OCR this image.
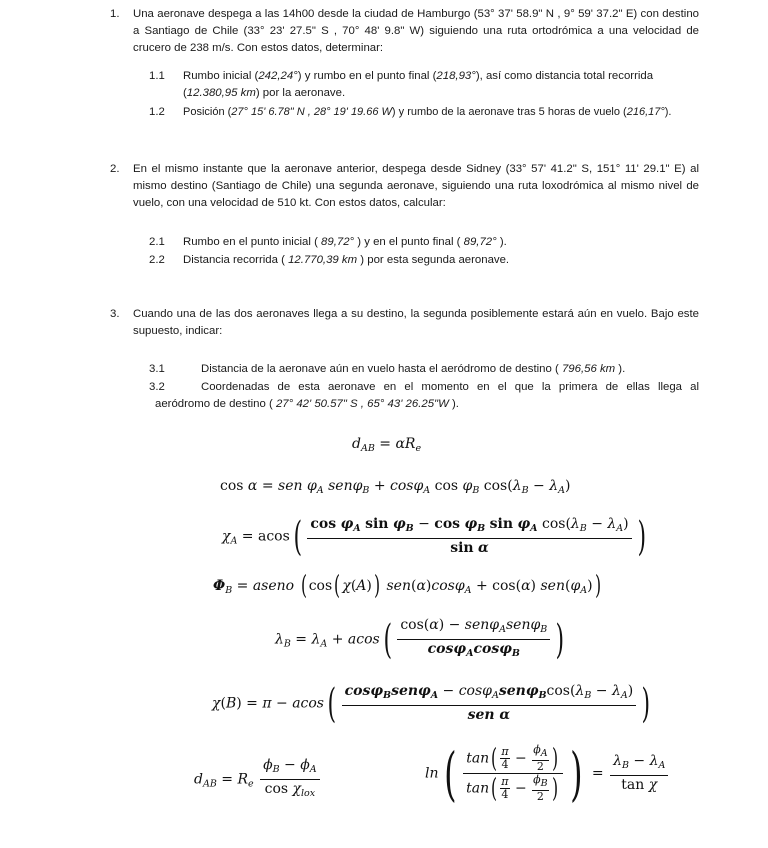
1. Una aeronave despega a las 14h00 desde la ciudad de Hamburgo (53° 37' 58.9" N , 9° 59' 37.2" E) con destino a Santiago de Chile (33° 23' 27.5" S , 70° 48' 9.8" W) siguiendo una ruta ortodrómica a una velocidad de crucero de 238 m/s. Con estos datos, determinar:
1.1 Rumbo inicial (242,24°) y rumbo en el punto final (218,93°), así como distancia total recorrida
(12.380,95 km) por la aeronave.
1.2 Posición (27° 15' 6.78" N , 28° 19' 19.66 W) y rumbo de la aeronave tras 5 horas de vuelo (216,17°).
2. En el mismo instante que la aeronave anterior, despega desde Sidney (33° 57' 41.2" S, 151° 11' 29.1" E) al mismo destino (Santiago de Chile) una segunda aeronave, siguiendo una ruta loxodrómica al mismo nivel de vuelo, con una velocidad de 510 kt. Con estos datos, calcular:
2.1 Rumbo en el punto inicial ( 89,72° ) y en el punto final ( 89,72° ).
2.2 Distancia recorrida ( 12.770,39 km ) por esta segunda aeronave.
3. Cuando una de las dos aeronaves llega a su destino, la segunda posiblemente estará aún en vuelo. Bajo este supuesto, indicar:
3.1	Distancia de la aeronave aún en vuelo hasta el aeródromo de destino ( 796,56 km ).
3.2	Coordenadas de esta aeronave en el momento en el que la primera de ellas llega al
aeródromo de destino ( 27° 42' 50.57" S , 65° 43' 26.25"W ).
$d_{AB} = \alpha R_e$
cos α = sen $\varphi_A$ senφ$_B$ + cosφ$_A$ $\cos \varphi_B$ $\cos(\lambda_B - \lambda_A)$
$\chi_A = acos( \frac{\cos \varphi_A \sin \varphi_B - \cos \varphi_B \sin \varphi_A \cos(\lambda_B - \lambda_A)}{\text{sin α}}$ )
$\Phi_B$ = aseno ( cos( χ(A)) sen(α)cosφ$_A$ + cos(α) $sen(\varphi_A)$)
$\lambda_B = \lambda_A + acos( \frac{\cos(\alpha) - sen\varphi_Asen\varphi_B}{\cos\varphi_A\cos\varphi_B}$ )
$\chi(B) = \pi - acos( \frac{\cos\varphi_Bsen\varphi_A - \cos\varphi_Asen\varphi_B\cos(\lambda_B - \lambda_A)}{\text{sen α}}$ )
$d_{AB} = R_e \frac{\phi_B - \phi_A}{\cos \chi_{lox}}$	$\ln( \frac{\tan( \frac{\pi}{4} - \frac{\phi_A}{2} )}{\tan( \frac{\pi}{4} - \frac{\phi_B}{2} )}$ ) = $\frac{\lambda_B - \lambda_A}{\text{tan χ}}$
